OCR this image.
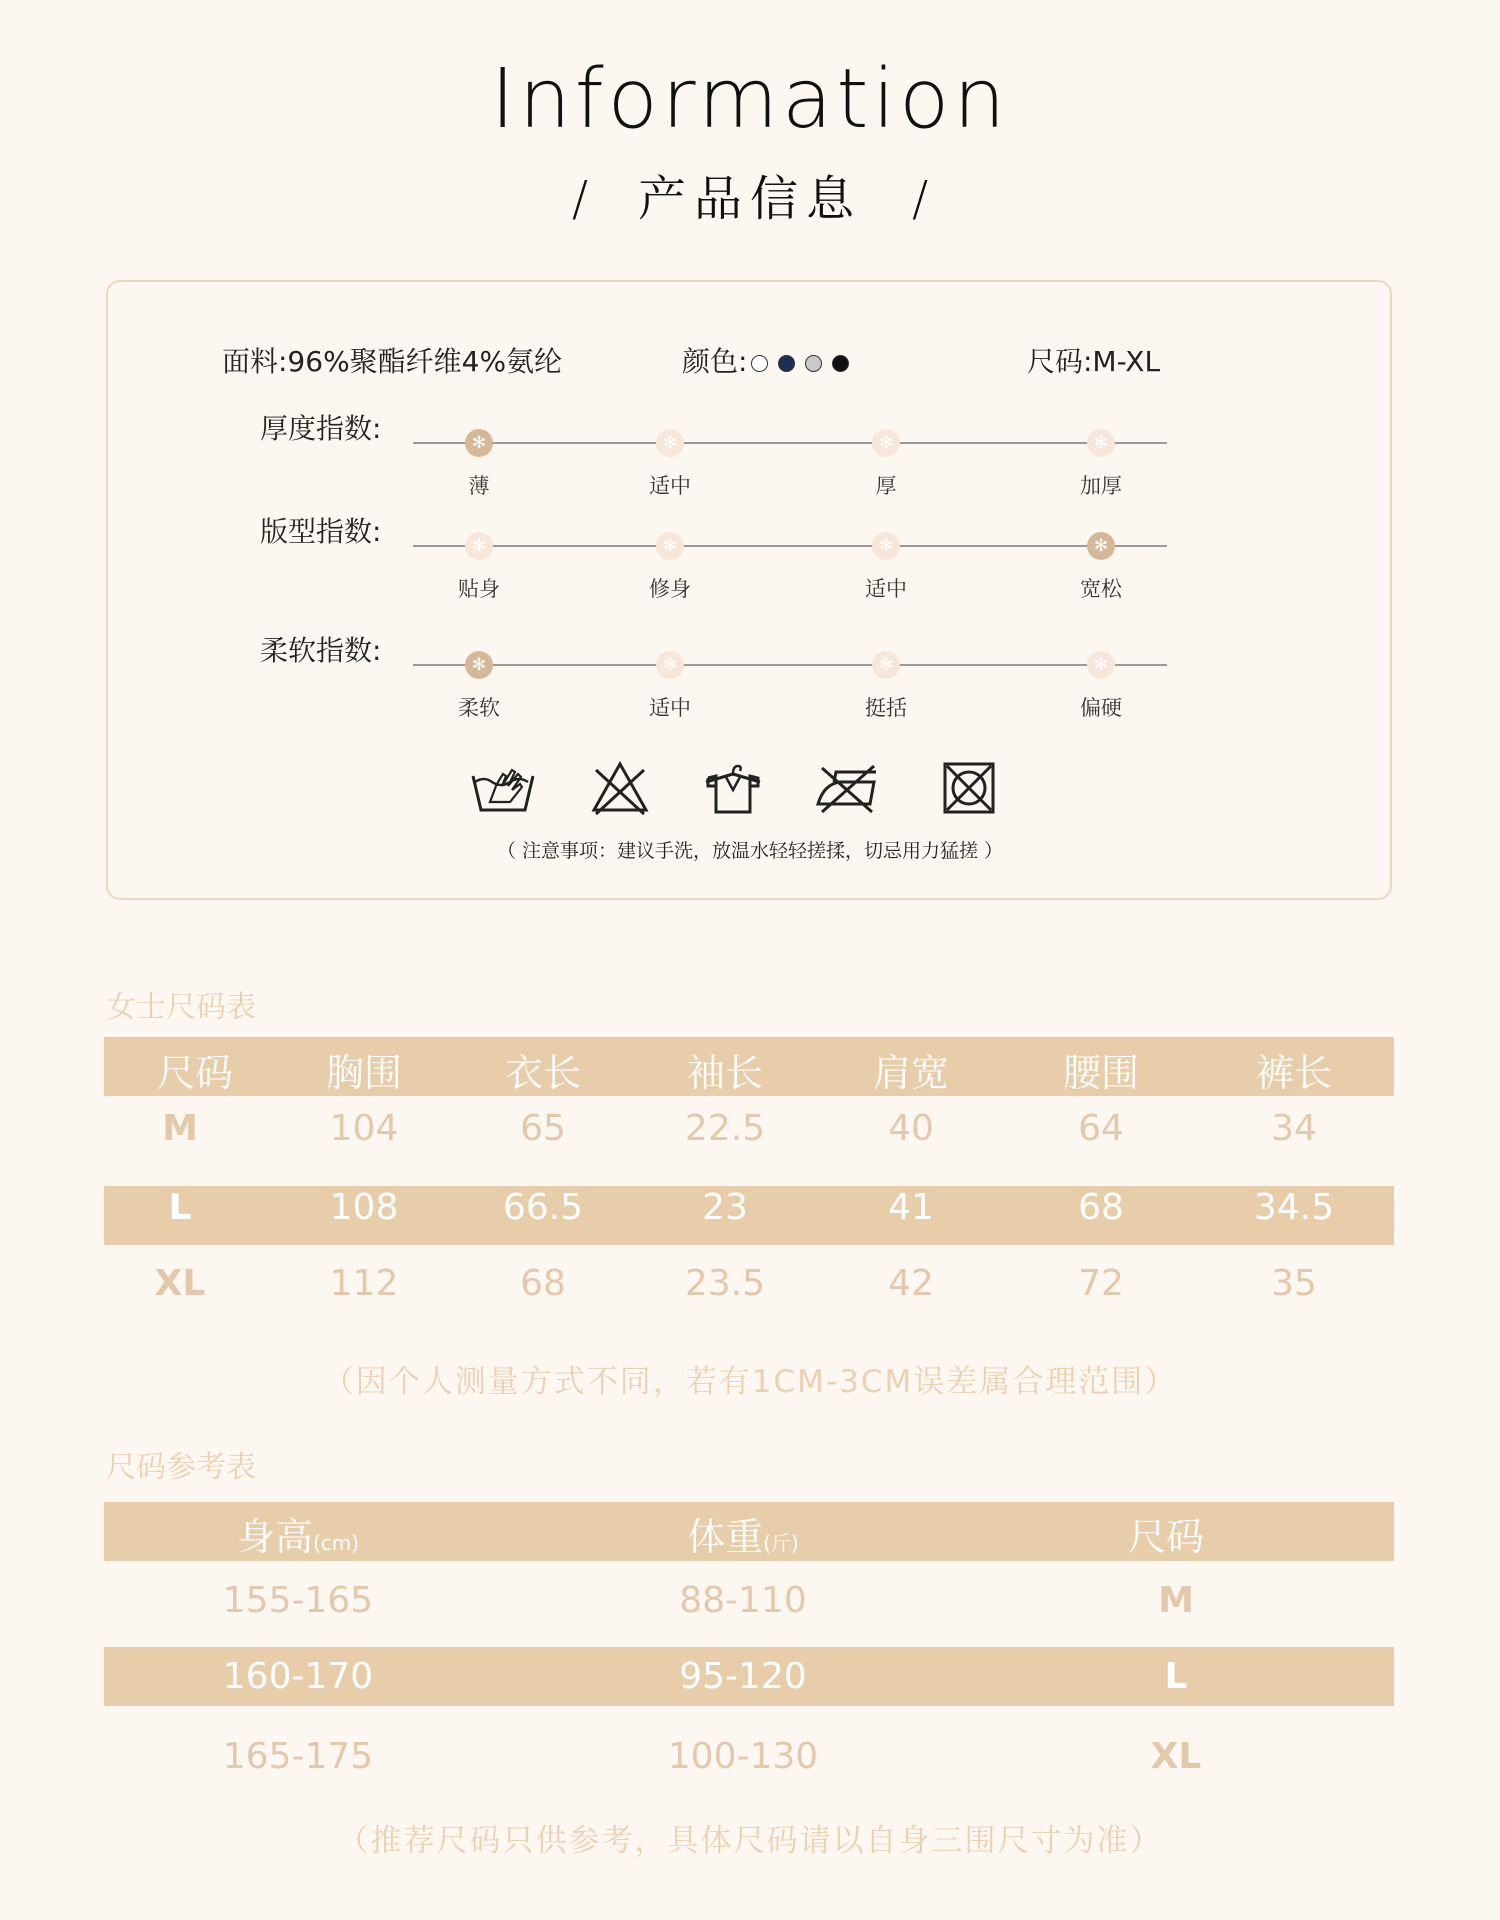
Information
/ 产品信息 /
面料:96%聚酯纤维4%氨纶	颜色:	尺码:M-XL
厚度指数:	✻
薄
✻
适中
✻
厚
✻
加厚
版型指数:	✻
贴身
✻
修身
✻
适中
✻
宽松
柔软指数:	✻
柔软
✻
适中
✻
挺括
✻
偏硬
（ 注意事项：建议手洗，放温水轻轻搓揉，切忌用力猛搓 ）
女士尺码表
尺码	胸围	衣长	袖长	肩宽	腰围	裤长
M	104	65	22.5	40	64	34
L	108	66.5	23	41	68	34.5
XL	112	68	23.5	42	72	35
（因个人测量方式不同，若有1CM-3CM误差属合理范围）
尺码参考表
身高(cm)	体重(斤)	尺码
155-165	88-110	M
160-170	95-120	L
165-175	100-130	XL
（推荐尺码只供参考，具体尺码请以自身三围尺寸为准）
